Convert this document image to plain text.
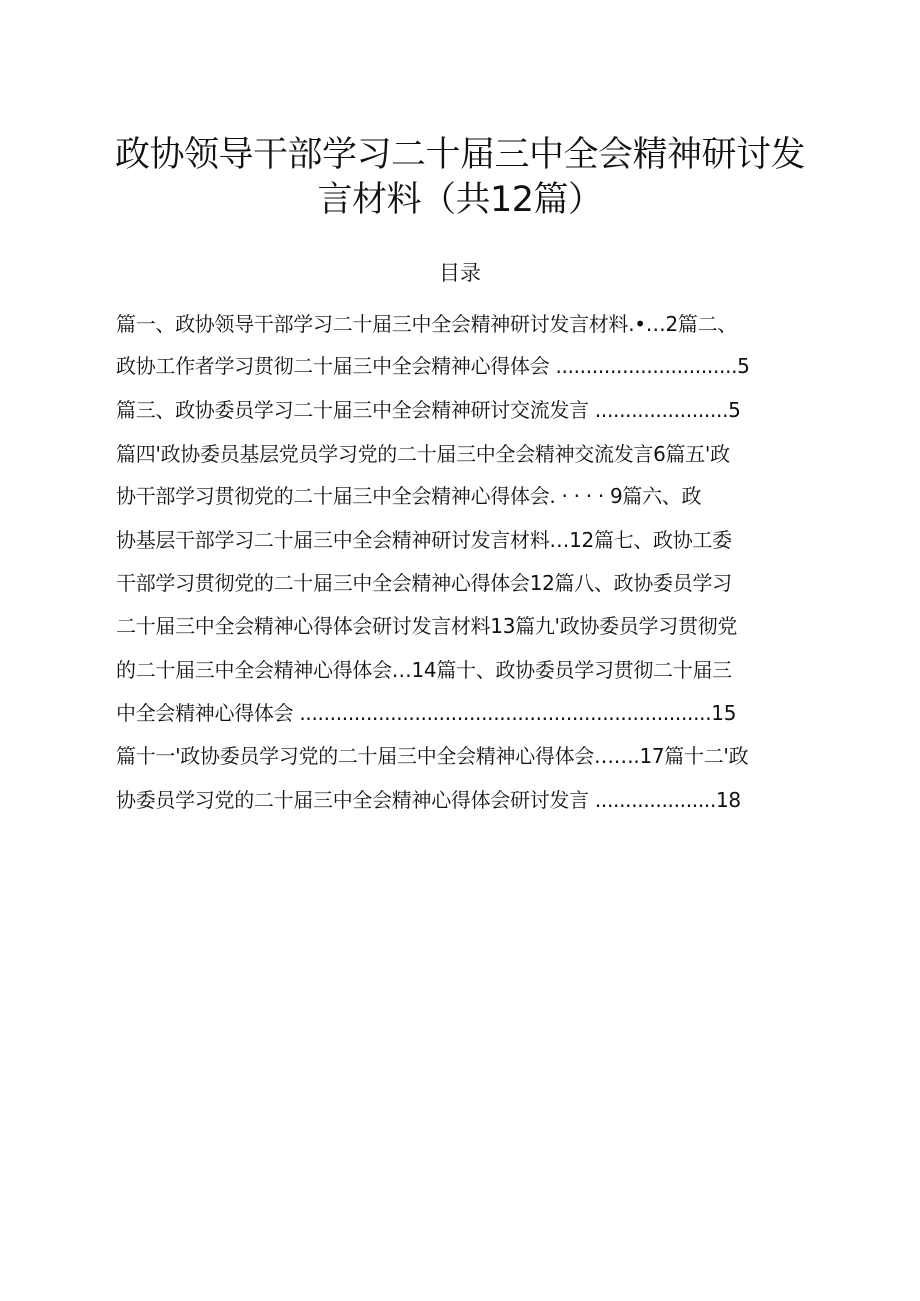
政协领导干部学习二十届三中全会精神研讨发
言材料（共12篇）
目录
篇一、政协领导干部学习二十届三中全会精神研讨发言材料.•…2篇二、
政协工作者学习贯彻二十届三中全会精神心得体会 ..............................5
篇三、政协委员学习二十届三中全会精神研讨交流发言 ......................5
篇四'政协委员基层党员学习党的二十届三中全会精神交流发言6篇五'政
协干部学习贯彻党的二十届三中全会精神心得体会. · · · · 9篇六、政
协基层干部学习二十届三中全会精神研讨发言材料…12篇七、政协工委
干部学习贯彻党的二十届三中全会精神心得体会12篇八、政协委员学习
二十届三中全会精神心得体会研讨发言材料13篇九'政协委员学习贯彻党
的二十届三中全会精神心得体会…14篇十、政协委员学习贯彻二十届三
中全会精神心得体会 ....................................................................15
篇十一'政协委员学习党的二十届三中全会精神心得体会…….17篇十二'政
协委员学习党的二十届三中全会精神心得体会研讨发言 ....................18
